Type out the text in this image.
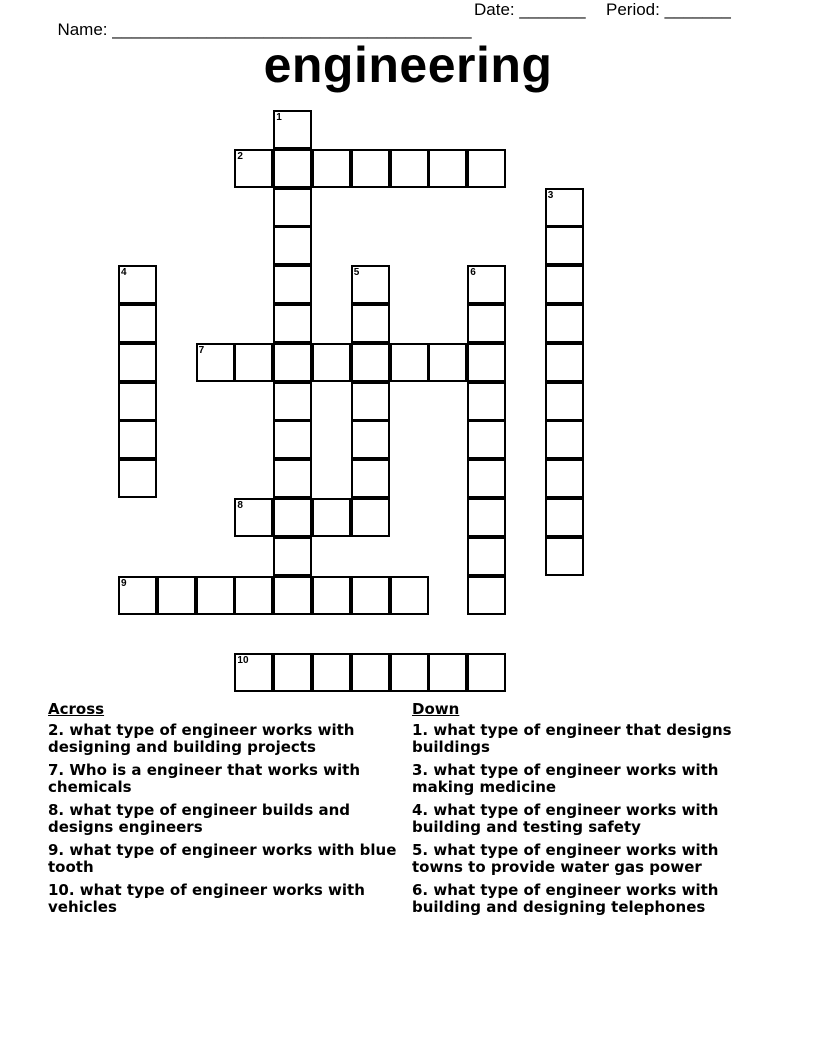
Name: ______________________________________

Date: _______

Period: _______

engineering
1
2
3
4	5	6
7
8
9
10
Across
2. what type of engineer works with designing and building projects
7. Who is a engineer that works with chemicals
8. what type of engineer builds and designs engineers
9. what type of engineer works with blue tooth
10. what type of engineer works with vehicles
Down
1. what type of engineer that designs buildings
3. what type of engineer works with making medicine
4. what type of engineer works with building and testing safety
5. what type of engineer works with towns to provide water gas power
6. what type of engineer works with building and designing telephones
